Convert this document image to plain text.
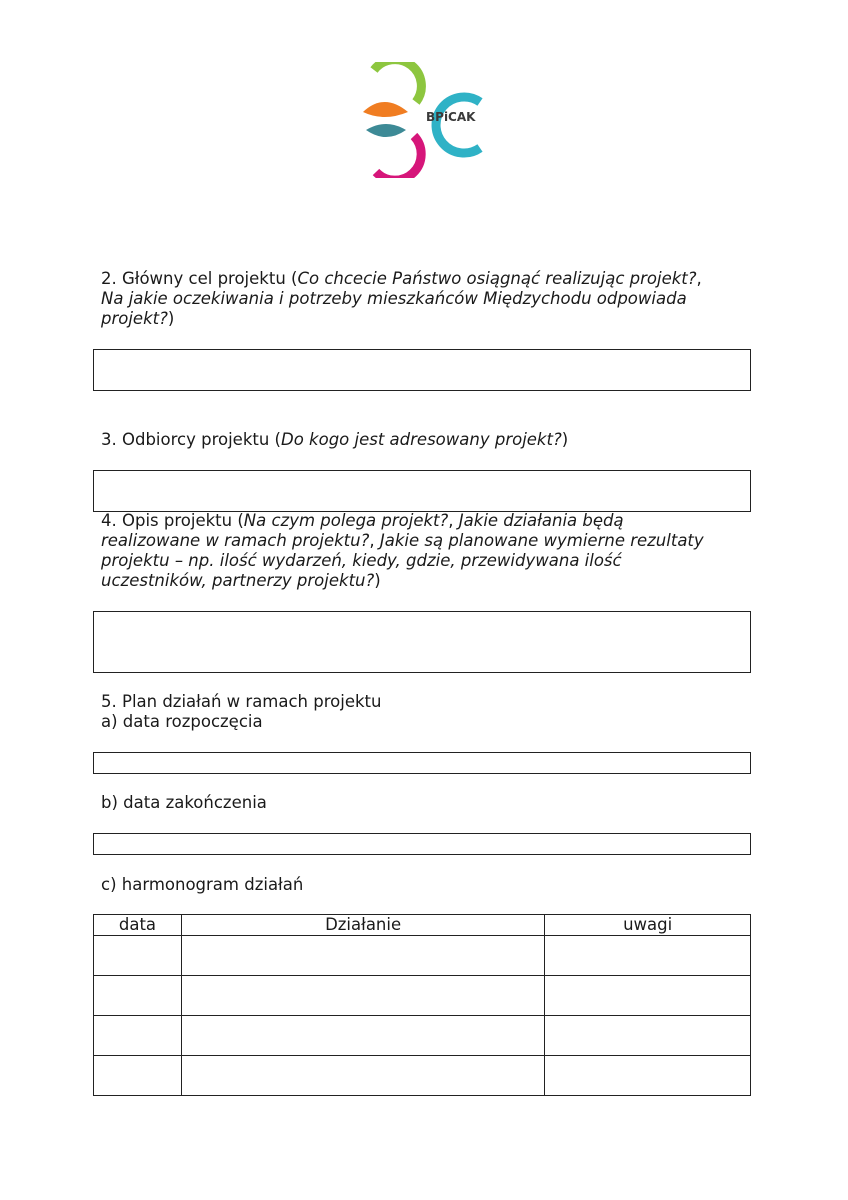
BPiCAK
2. Główny cel projektu (Co chcecie Państwo osiągnąć realizując projekt?,
Na jakie oczekiwania i potrzeby mieszkańców Międzychodu odpowiada
projekt?)
3. Odbiorcy projektu (Do kogo jest adresowany projekt?)
4. Opis projektu (Na czym polega projekt?, Jakie działania będą
realizowane w ramach projektu?, Jakie są planowane wymierne rezultaty
projektu – np. ilość wydarzeń, kiedy, gdzie, przewidywana ilość
uczestników, partnerzy projektu?)
5. Plan działań w ramach projektu
a) data rozpoczęcia
b) data zakończenia
c) harmonogram działań
data	Działanie	uwagi
